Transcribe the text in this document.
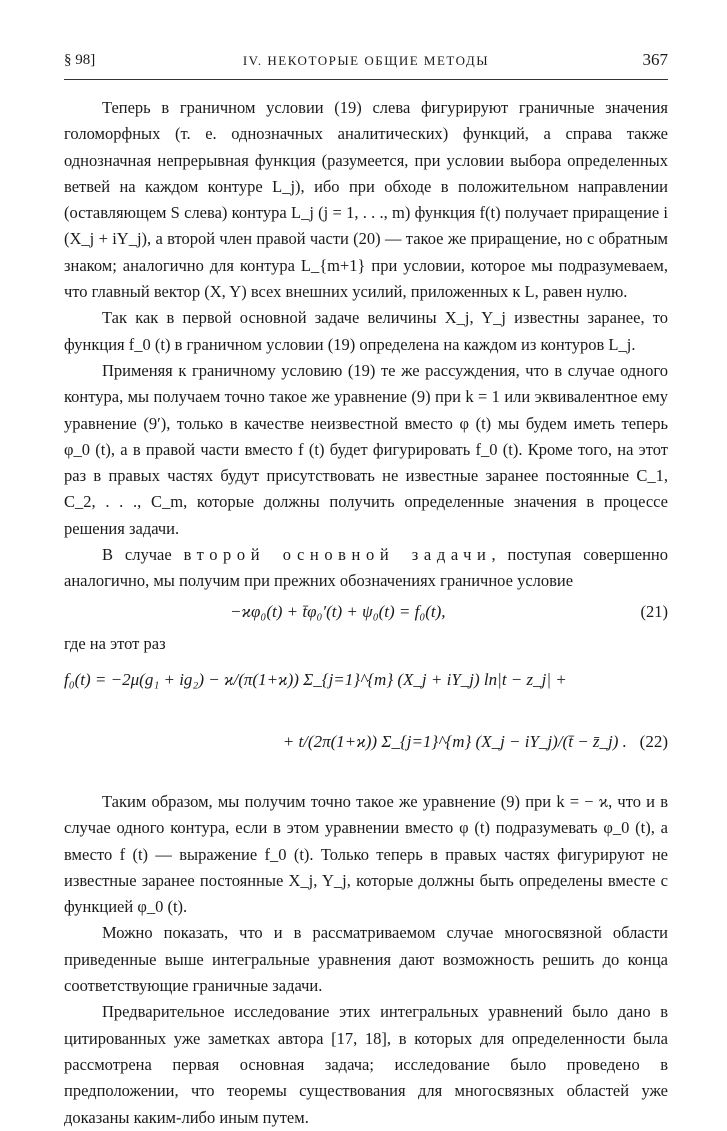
§ 98]	IV. НЕКОТОРЫЕ ОБЩИЕ МЕТОДЫ	367

Теперь в граничном условии (19) слева фигурируют граничные значения голоморфных (т. е. однозначных аналитических) функций, а справа также однозначная непрерывная функция (разумеется, при условии выбора определенных ветвей на каждом контуре L_j), ибо при обходе в положительном направлении (оставляющем S слева) контура L_j (j = 1, . . ., m) функция f(t) получает приращение i (X_j + iY_j), а второй член правой части (20) — такое же приращение, но с обратным знаком; аналогично для контура L_{m+1} при условии, которое мы подразумеваем, что главный вектор (X, Y) всех внешних усилий, приложенных к L, равен нулю.

Так как в первой основной задаче величины X_j, Y_j известны заранее, то функция f_0 (t) в граничном условии (19) определена на каждом из контуров L_j.

Применяя к граничному условию (19) те же рассуждения, что в случае одного контура, мы получаем точно такое же уравнение (9) при k = 1 или эквивалентное ему уравнение (9′), только в качестве неизвестной вместо φ (t) мы будем иметь теперь φ_0 (t), а в правой части вместо f (t) будет фигурировать f_0 (t). Кроме того, на этот раз в правых частях будут присутствовать не известные заранее постоянные C_1, C_2, . . ., C_m, которые должны получить определенные значения в процессе решения задачи.

В случае второй основной задачи, поступая совершенно аналогично, мы получим при прежних обозначениях граничное условие

−ϰφ₀(t) + t̄φ₀′(t) + ψ₀(t) = f₀(t),	(21)

где на этот раз

f₀(t) = −2μ(g₁ + ig₂) − ϰ/(π(1+ϰ)) Σ_{j=1}^{m} (X_j + iY_j) ln|t − z_j| +
+ t/(2π(1+ϰ)) Σ_{j=1}^{m} (X_j − iY_j)/(t̄ − z̄_j) . (22)

Таким образом, мы получим точно такое же уравнение (9) при k = − ϰ, что и в случае одного контура, если в этом уравнении вместо φ (t) подразумевать φ_0 (t), а вместо f (t) — выражение f_0 (t). Только теперь в правых частях фигурируют не известные заранее постоянные X_j, Y_j, которые должны быть определены вместе с функцией φ_0 (t).

Можно показать, что и в рассматриваемом случае многосвязной области приведенные выше интегральные уравнения дают возможность решить до конца соответствующие граничные задачи.

Предварительное исследование этих интегральных уравнений было дано в цитированных уже заметках автора [17, 18], в которых для определенности была рассмотрена первая основная задача; исследование было проведено в предположении, что теоремы существования для многосвязных областей уже доказаны каким-либо иным путем.
